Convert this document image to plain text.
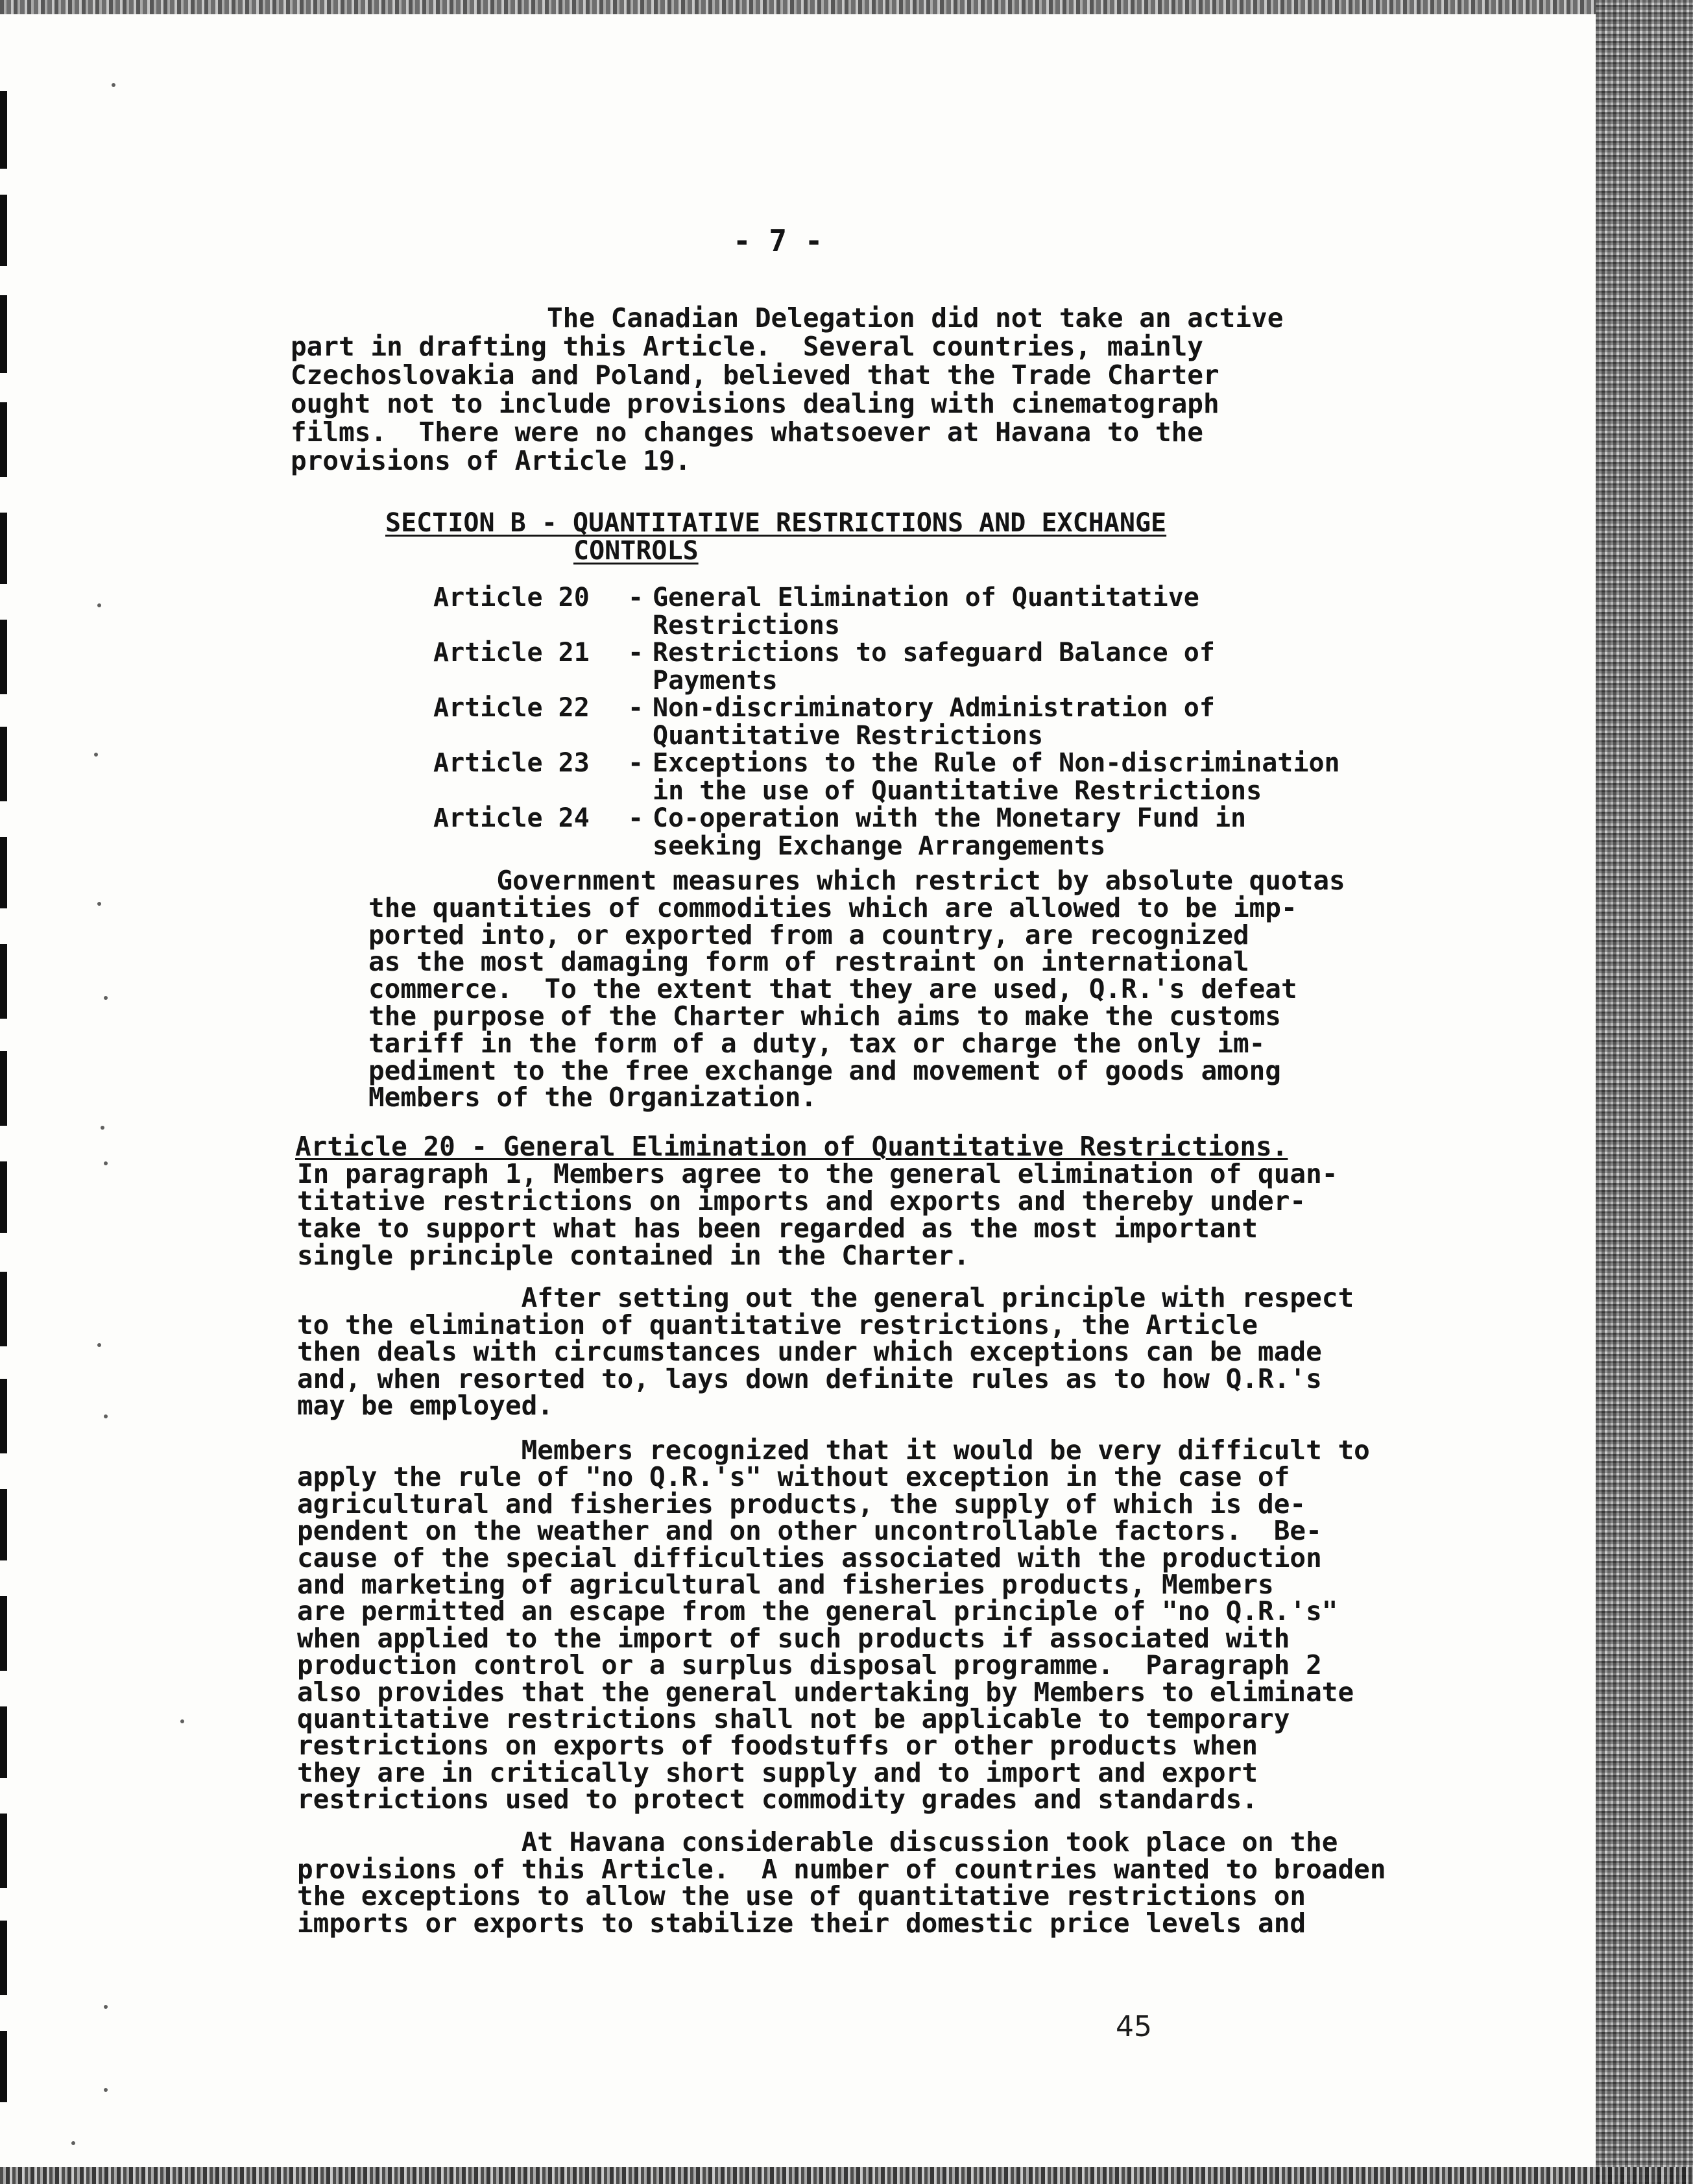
- 7 -
The Canadian Delegation did not take an active
part in drafting this Article.  Several countries, mainly
Czechoslovakia and Poland, believed that the Trade Charter
ought not to include provisions dealing with cinematograph
films.  There were no changes whatsoever at Havana to the
provisions of Article 19.
SECTION B - QUANTITATIVE RESTRICTIONS AND EXCHANGE
CONTROLS
Article 20	- General Elimination of Quantitative
Restrictions
Article 21	- Restrictions to safeguard Balance of
Payments
Article 22	- Non-discriminatory Administration of
Quantitative Restrictions
Article 23	- Exceptions to the Rule of Non-discrimination
in the use of Quantitative Restrictions
Article 24	- Co-operation with the Monetary Fund in
seeking Exchange Arrangements
Government measures which restrict by absolute quotas
the quantities of commodities which are allowed to be imp-
ported into, or exported from a country, are recognized
as the most damaging form of restraint on international
commerce.  To the extent that they are used, Q.R.'s defeat
the purpose of the Charter which aims to make the customs
tariff in the form of a duty, tax or charge the only im-
pediment to the free exchange and movement of goods among
Members of the Organization.
Article 20 - General Elimination of Quantitative Restrictions.
In paragraph 1, Members agree to the general elimination of quan-
titative restrictions on imports and exports and thereby under-
take to support what has been regarded as the most important
single principle contained in the Charter.
After setting out the general principle with respect
to the elimination of quantitative restrictions, the Article
then deals with circumstances under which exceptions can be made
and, when resorted to, lays down definite rules as to how Q.R.'s
may be employed.
Members recognized that it would be very difficult to
apply the rule of "no Q.R.'s" without exception in the case of
agricultural and fisheries products, the supply of which is de-
pendent on the weather and on other uncontrollable factors.  Be-
cause of the special difficulties associated with the production
and marketing of agricultural and fisheries products, Members
are permitted an escape from the general principle of "no Q.R.'s"
when applied to the import of such products if associated with
production control or a surplus disposal programme.  Paragraph 2
also provides that the general undertaking by Members to eliminate
quantitative restrictions shall not be applicable to temporary
restrictions on exports of foodstuffs or other products when
they are in critically short supply and to import and export
restrictions used to protect commodity grades and standards.
At Havana considerable discussion took place on the
provisions of this Article.  A number of countries wanted to broaden
the exceptions to allow the use of quantitative restrictions on
imports or exports to stabilize their domestic price levels and
45
